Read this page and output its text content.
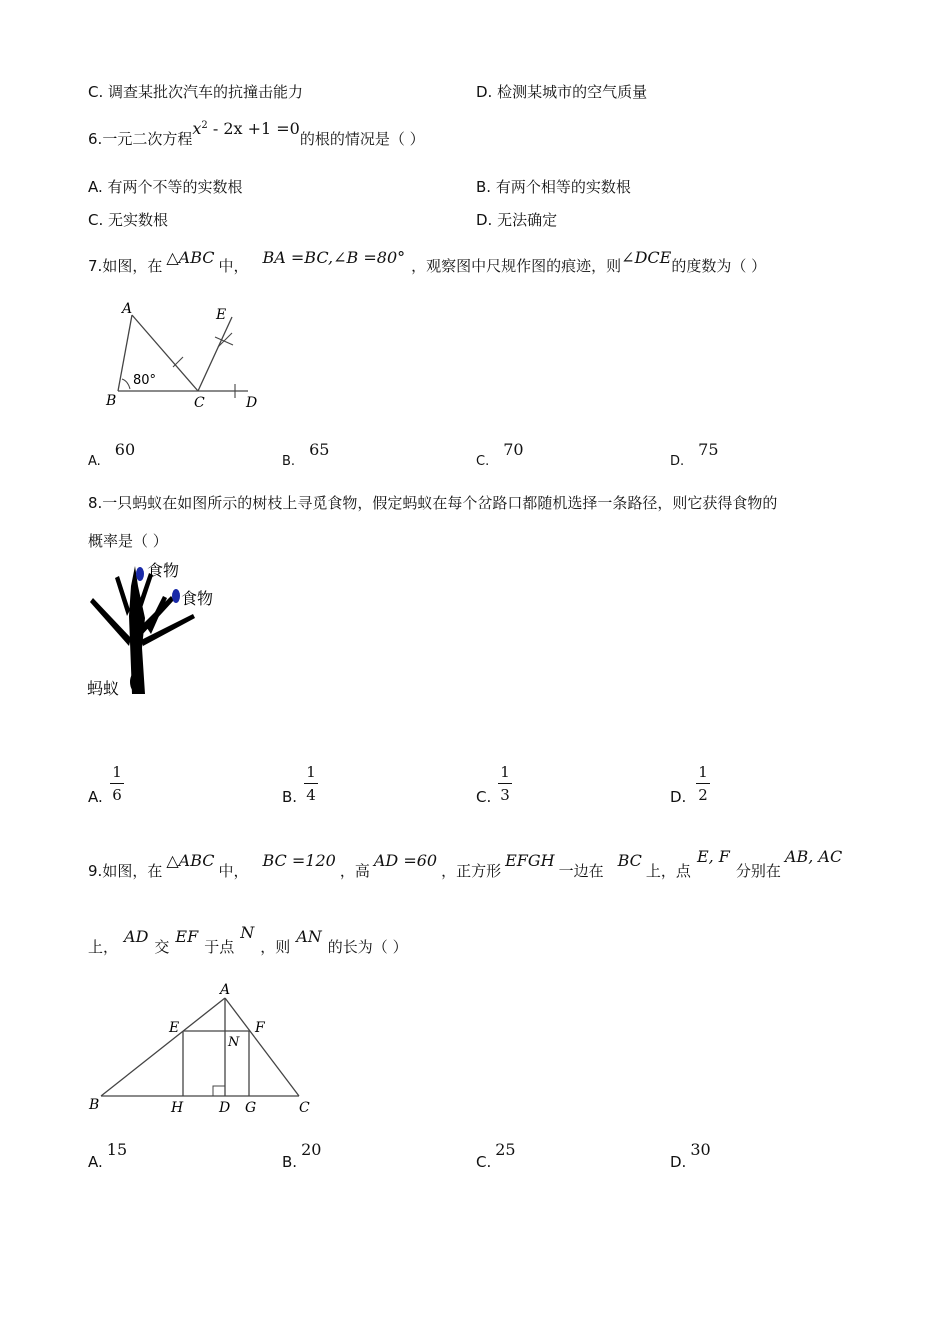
C. 调查某批次汽车的抗撞击能力	D. 检测某城市的空气质量
6.一元二次方程$x^2 - 2x +1 =0$的根的情况是（ ）
A. 有两个不等的实数根	B. 有两个相等的实数根
C. 无实数根	D. 无法确定
7.如图，在 △ABC 中， BA =BC,∠B =80° ，观察图中尺规作图的痕迹，则∠DCE的度数为（ ）
A
B	C	D
E
80°
A.60
B.65
C.70
D.75
8.一只蚂蚁在如图所示的树枝上寻觅食物，假定蚂蚁在每个岔路口都随机选择一条路径，则它获得食物的
概率是（ ）
食物
食物
蚂蚁
A.
1
6	B.
1
4	C.
1
3	D.
1
2
9.如图，在△ABC中，BC =120，高AD =60，正方形EFGH一边在BC上，点E, F分别在AB, AC
上，AD交EF于点N，则AN的长为（ ）
A
B	C
D
E	F
G
H
N
A.15
B.20
C.25
D.30
